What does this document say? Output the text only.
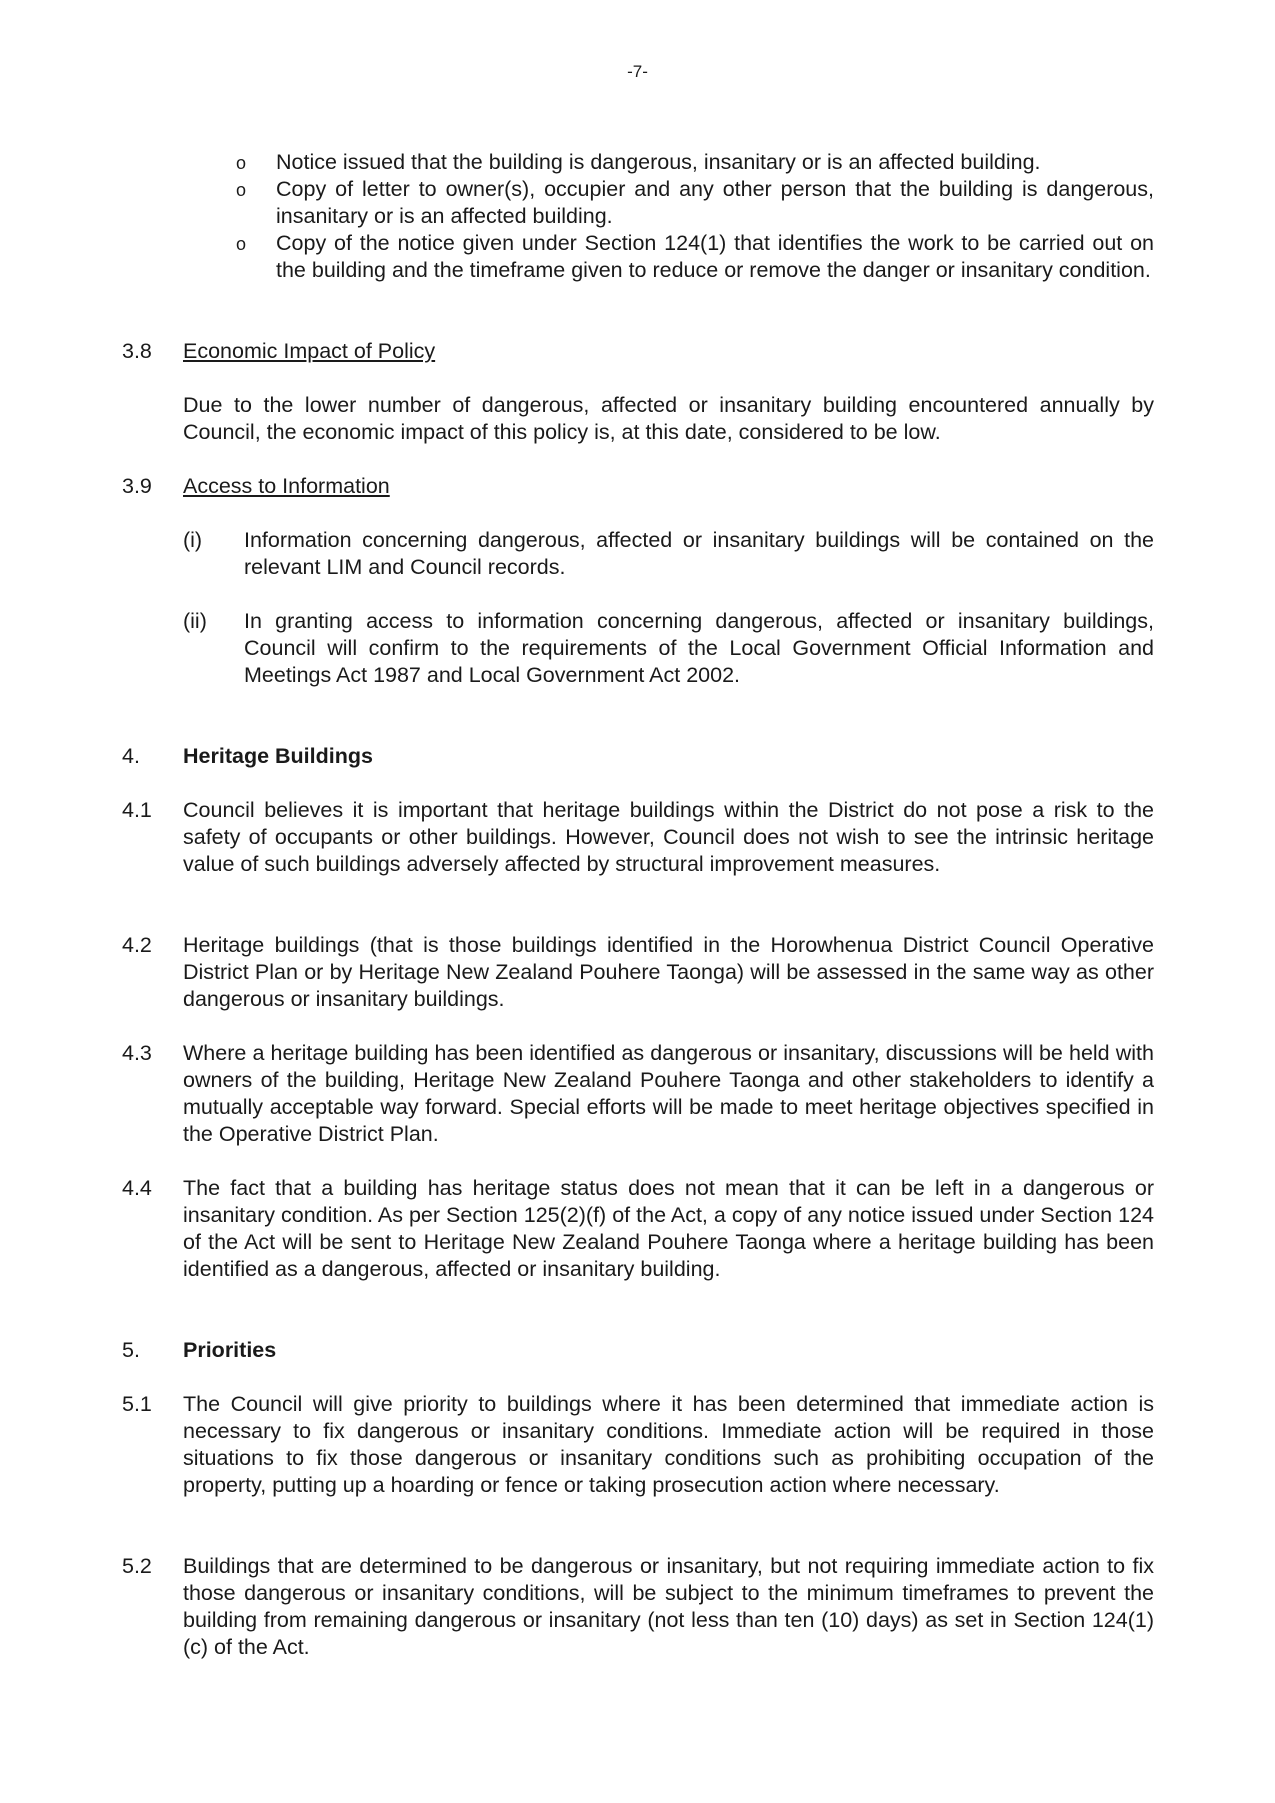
-7-
o Notice issued that the building is dangerous, insanitary or is an affected building.
o Copy of letter to owner(s), occupier and any other person that the building is dangerous, insanitary or is an affected building.
o Copy of the notice given under Section 124(1) that identifies the work to be carried out on the building and the timeframe given to reduce or remove the danger or insanitary condition.
3.8 Economic Impact of Policy
Due to the lower number of dangerous, affected or insanitary building encountered annually by Council, the economic impact of this policy is, at this date, considered to be low.
3.9 Access to Information
(i) Information concerning dangerous, affected or insanitary buildings will be contained on the relevant LIM and Council records.
(ii) In granting access to information concerning dangerous, affected or insanitary buildings, Council will confirm to the requirements of the Local Government Official Information and Meetings Act 1987 and Local Government Act 2002.
4. Heritage Buildings
4.1 Council believes it is important that heritage buildings within the District do not pose a risk to the safety of occupants or other buildings. However, Council does not wish to see the intrinsic heritage value of such buildings adversely affected by structural improvement measures.
4.2 Heritage buildings (that is those buildings identified in the Horowhenua District Council Operative District Plan or by Heritage New Zealand Pouhere Taonga) will be assessed in the same way as other dangerous or insanitary buildings.
4.3 Where a heritage building has been identified as dangerous or insanitary, discussions will be held with owners of the building, Heritage New Zealand Pouhere Taonga and other stakeholders to identify a mutually acceptable way forward. Special efforts will be made to meet heritage objectives specified in the Operative District Plan.
4.4 The fact that a building has heritage status does not mean that it can be left in a dangerous or insanitary condition. As per Section 125(2)(f) of the Act, a copy of any notice issued under Section 124 of the Act will be sent to Heritage New Zealand Pouhere Taonga where a heritage building has been identified as a dangerous, affected or insanitary building.
5. Priorities
5.1 The Council will give priority to buildings where it has been determined that immediate action is necessary to fix dangerous or insanitary conditions. Immediate action will be required in those situations to fix those dangerous or insanitary conditions such as prohibiting occupation of the property, putting up a hoarding or fence or taking prosecution action where necessary.
5.2 Buildings that are determined to be dangerous or insanitary, but not requiring immediate action to fix those dangerous or insanitary conditions, will be subject to the minimum timeframes to prevent the building from remaining dangerous or insanitary (not less than ten (10) days) as set in Section 124(1)(c) of the Act.
